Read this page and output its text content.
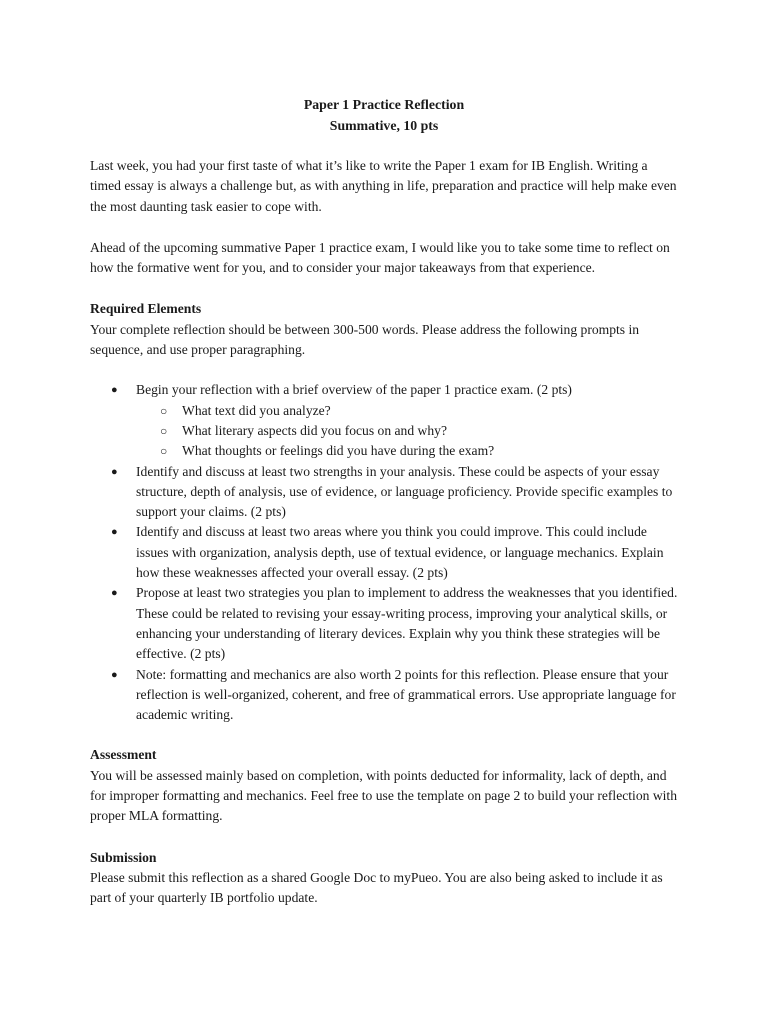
Paper 1 Practice Reflection
Summative, 10 pts

Last week, you had your first taste of what it’s like to write the Paper 1 exam for IB English. Writing a timed essay is always a challenge but, as with anything in life, preparation and practice will help make even the most daunting task easier to cope with.

Ahead of the upcoming summative Paper 1 practice exam, I would like you to take some time to reflect on how the formative went for you, and to consider your major takeaways from that experience.

Required Elements
Your complete reflection should be between 300-500 words. Please address the following prompts in sequence, and use proper paragraphing.
● Begin your reflection with a brief overview of the paper 1 practice exam. (2 pts)
○ What text did you analyze?
○ What literary aspects did you focus on and why?
○ What thoughts or feelings did you have during the exam?
● Identify and discuss at least two strengths in your analysis. These could be aspects of your essay structure, depth of analysis, use of evidence, or language proficiency. Provide specific examples to support your claims. (2 pts)
● Identify and discuss at least two areas where you think you could improve. This could include issues with organization, analysis depth, use of textual evidence, or language mechanics. Explain how these weaknesses affected your overall essay. (2 pts)
● Propose at least two strategies you plan to implement to address the weaknesses that you identified. These could be related to revising your essay-writing process, improving your analytical skills, or enhancing your understanding of literary devices. Explain why you think these strategies will be effective. (2 pts)
● Note: formatting and mechanics are also worth 2 points for this reflection. Please ensure that your reflection is well-organized, coherent, and free of grammatical errors. Use appropriate language for academic writing.
Assessment
You will be assessed mainly based on completion, with points deducted for informality, lack of depth, and for improper formatting and mechanics. Feel free to use the template on page 2 to build your reflection with proper MLA formatting.
Submission
Please submit this reflection as a shared Google Doc to myPueo. You are also being asked to include it as part of your quarterly IB portfolio update.
